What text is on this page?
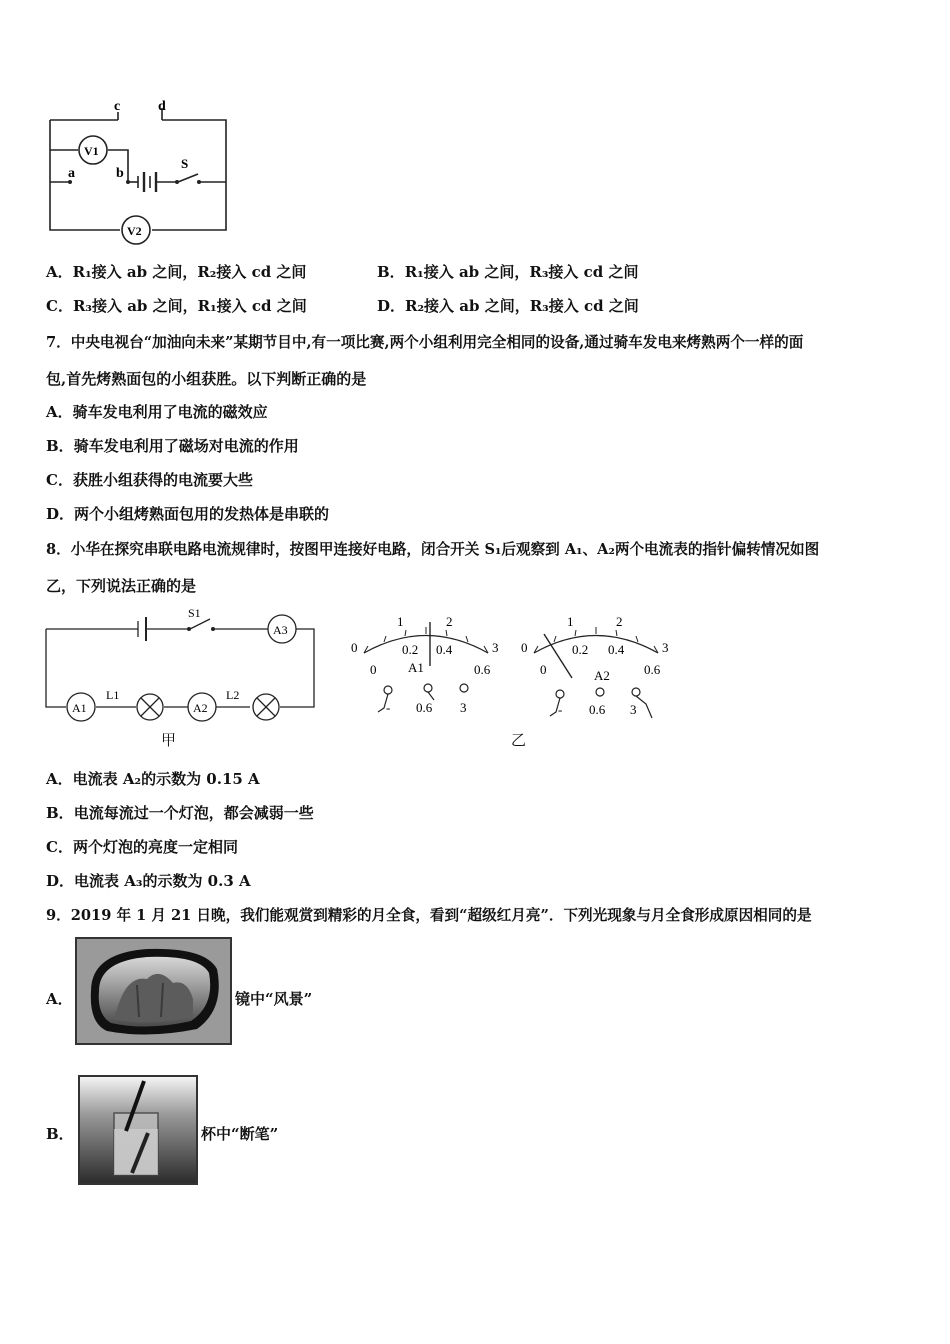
V1
V2
c	d
a	b
S
A．R₁接入 ab 之间，R₂接入 cd 之间	B．R₁接入 ab 之间，R₃接入 cd 之间
C．R₃接入 ab 之间，R₁接入 cd 之间	D．R₂接入 ab 之间，R₃接入 cd 之间
7．中央电视台“加油向未来”某期节目中,有一项比赛,两个小组利用完全相同的设备,通过骑车发电来烤熟两个一样的面
包,首先烤熟面包的小组获胜。以下判断正确的是
A．骑车发电利用了电流的磁效应
B．骑车发电利用了磁场对电流的作用
C．获胜小组获得的电流要大些
D．两个小组烤熟面包用的发热体是串联的
8．小华在探究串联电路电流规律时，按图甲连接好电路，闭合开关 S₁后观察到 A₁、A₂两个电流表的指针偏转情况如图
乙，下列说法正确的是
S1
A3
A1	A2
L1	L2
甲
0
1	2
3
0
0.2 0.4
0.6
A1
- 0.6 3
0
1	2
3
0
0.2 0.4
0.6
A2
- 0.6 3
乙
A．电流表 A₂的示数为 0.15 A
B．电流每流过一个灯泡，都会减弱一些
C．两个灯泡的亮度一定相同
D．电流表 A₃的示数为 0.3 A
9．2019 年 1 月 21 日晚，我们能观赏到精彩的月全食，看到“超级红月亮”．下列光现象与月全食形成原因相同的是
A．	镜中“风景”
B．	杯中“断笔”
